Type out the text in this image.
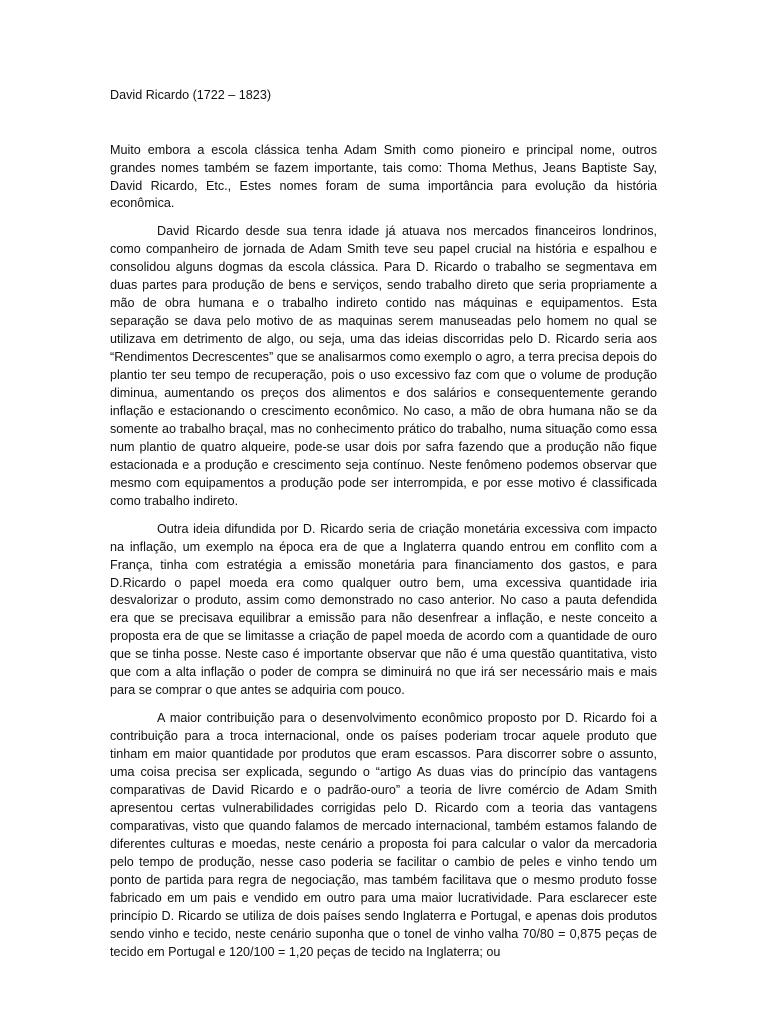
David Ricardo (1722 – 1823)

Muito embora a escola clássica tenha Adam Smith como pioneiro e principal nome, outros grandes nomes também se fazem importante, tais como: Thoma Methus, Jeans Baptiste Say, David Ricardo, Etc., Estes nomes foram de suma importância para evolução da história econômica.

David Ricardo desde sua tenra idade já atuava nos mercados financeiros londrinos, como companheiro de jornada de Adam Smith teve seu papel crucial na história e espalhou e consolidou alguns dogmas da escola clássica. Para D. Ricardo o trabalho se segmentava em duas partes para produção de bens e serviços, sendo trabalho direto que seria propriamente a mão de obra humana e o trabalho indireto contido nas máquinas e equipamentos. Esta separação se dava pelo motivo de as maquinas serem manuseadas pelo homem no qual se utilizava em detrimento de algo, ou seja, uma das ideias discorridas pelo D. Ricardo seria aos “Rendimentos Decrescentes” que se analisarmos como exemplo o agro, a terra precisa depois do plantio ter seu tempo de recuperação, pois o uso excessivo faz com que o volume de produção diminua, aumentando os preços dos alimentos e dos salários e consequentemente gerando inflação e estacionando o crescimento econômico. No caso, a mão de obra humana não se da somente ao trabalho braçal, mas no conhecimento prático do trabalho, numa situação como essa num plantio de quatro alqueire, pode-se usar dois por safra fazendo que a produção não fique estacionada e a produção e crescimento seja contínuo. Neste fenômeno podemos observar que mesmo com equipamentos a produção pode ser interrompida, e por esse motivo é classificada como trabalho indireto.

Outra ideia difundida por D. Ricardo seria de criação monetária excessiva com impacto na inflação, um exemplo na época era de que a Inglaterra quando entrou em conflito com a França, tinha com estratégia a emissão monetária para financiamento dos gastos, e para D.Ricardo o papel moeda era como qualquer outro bem, uma excessiva quantidade iria desvalorizar o produto, assim como demonstrado no caso anterior. No caso a pauta defendida era que se precisava equilibrar a emissão para não desenfrear a inflação, e neste conceito a proposta era de que se limitasse a criação de papel moeda de acordo com a quantidade de ouro que se tinha posse. Neste caso é importante observar que não é uma questão quantitativa, visto que com a alta inflação o poder de compra se diminuirá no que irá ser necessário mais e mais para se comprar o que antes se adquiria com pouco.

A maior contribuição para o desenvolvimento econômico proposto por D. Ricardo foi a contribuição para a troca internacional, onde os países poderiam trocar aquele produto que tinham em maior quantidade por produtos que eram escassos. Para discorrer sobre o assunto, uma coisa precisa ser explicada, segundo o “artigo As duas vias do princípio das vantagens comparativas de David Ricardo e o padrão-ouro” a teoria de livre comércio de Adam Smith apresentou certas vulnerabilidades corrigidas pelo D. Ricardo com a teoria das vantagens comparativas, visto que quando falamos de mercado internacional, também estamos falando de diferentes culturas e moedas, neste cenário a proposta foi para calcular o valor da mercadoria pelo tempo de produção, nesse caso poderia se facilitar o cambio de peles e vinho tendo um ponto de partida para regra de negociação, mas também facilitava que o mesmo produto fosse fabricado em um pais e vendido em outro para uma maior lucratividade. Para esclarecer este princípio D. Ricardo se utiliza de dois países sendo Inglaterra e Portugal, e apenas dois produtos sendo vinho e tecido, neste cenário suponha que o tonel de vinho valha 70/80 = 0,875 peças de tecido em Portugal e 120/100 = 1,20 peças de tecido na Inglaterra; ou
